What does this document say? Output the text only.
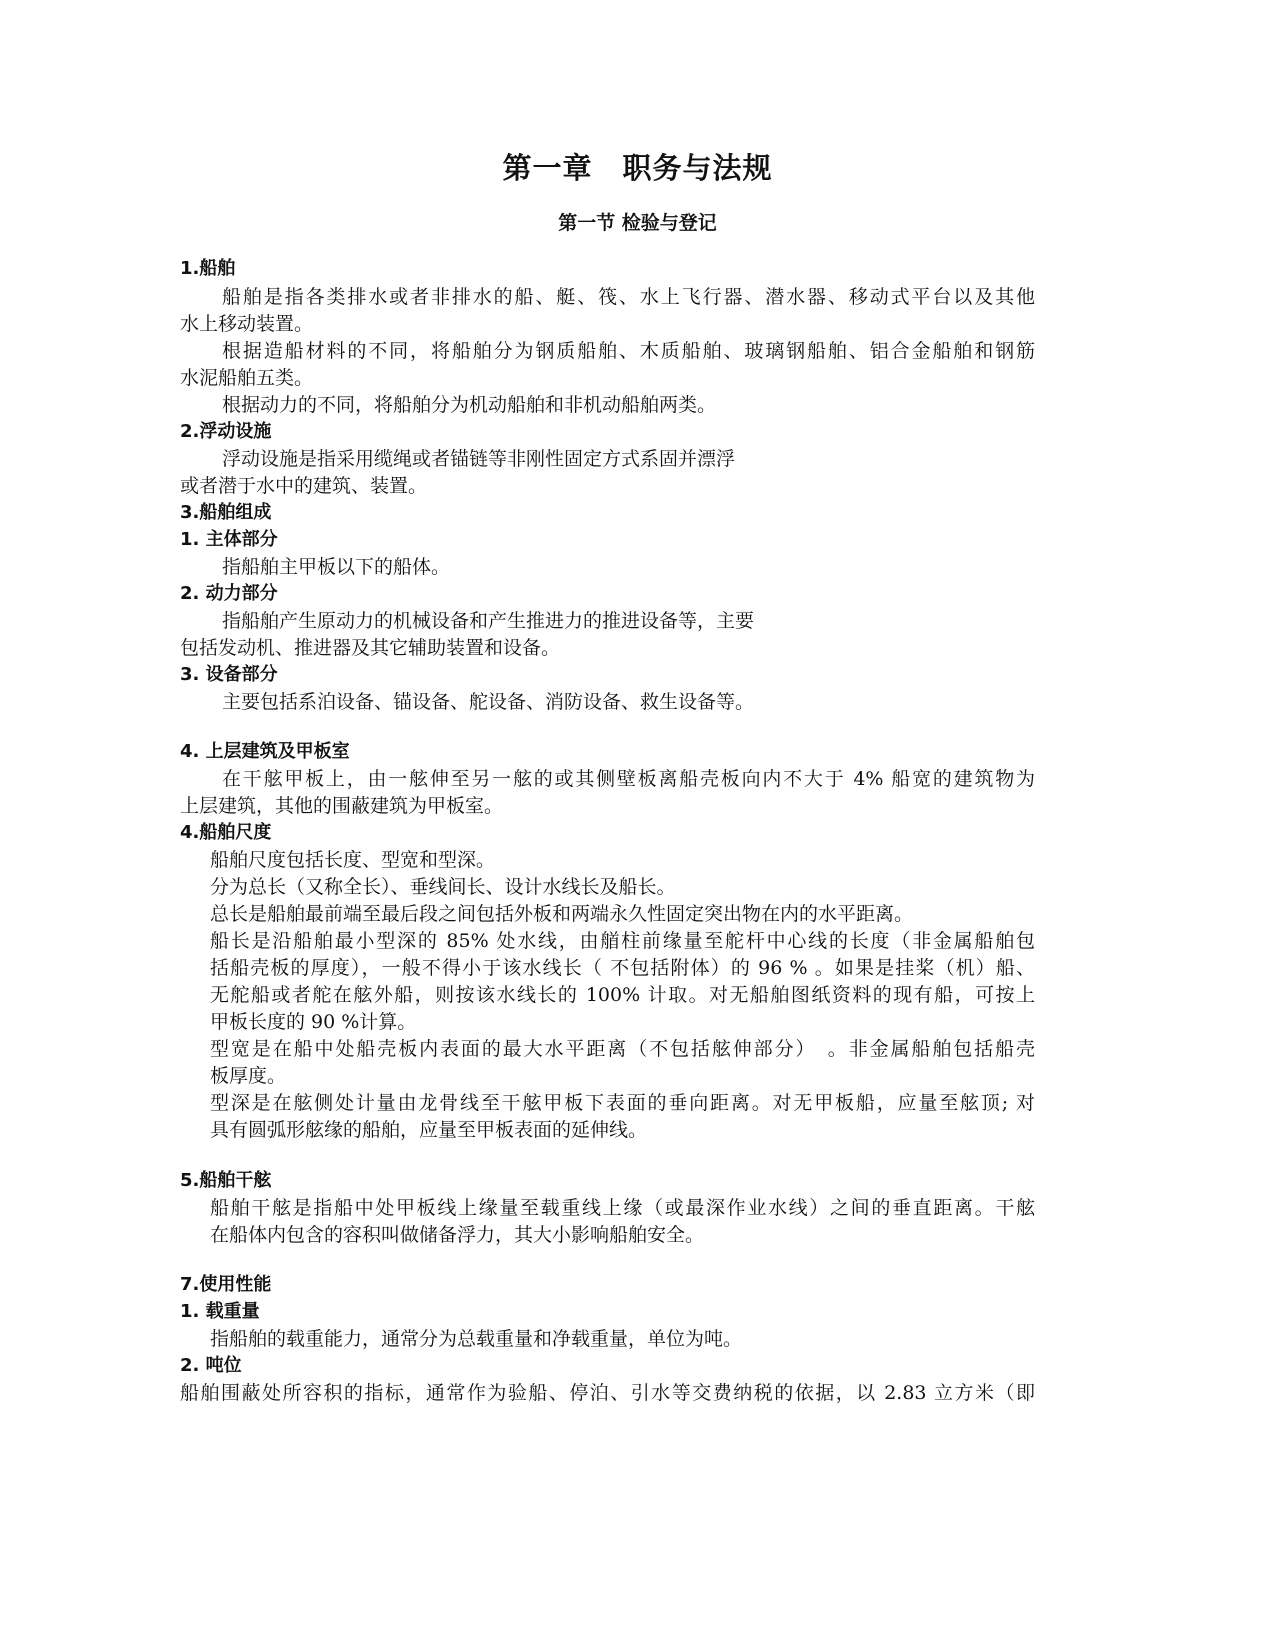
第一章　职务与法规
第一节 检验与登记
1.船舶
船舶是指各类排水或者非排水的船、艇、筏、水上飞行器、潜水器、移动式平台以及其他
水上移动装置。
根据造船材料的不同，将船舶分为钢质船舶、木质船舶、玻璃钢船舶、铝合金船舶和钢筋
水泥船舶五类。
根据动力的不同，将船舶分为机动船舶和非机动船舶两类。
2.浮动设施
浮动设施是指采用缆绳或者锚链等非刚性固定方式系固并漂浮
或者潜于水中的建筑、装置。
3.船舶组成
1. 主体部分
指船舶主甲板以下的船体。
2. 动力部分
指船舶产生原动力的机械设备和产生推进力的推进设备等，主要
包括发动机、推进器及其它辅助装置和设备。
3. 设备部分
主要包括系泊设备、锚设备、舵设备、消防设备、救生设备等。
4. 上层建筑及甲板室
在干舷甲板上，由一舷伸至另一舷的或其侧壁板离船壳板向内不大于 4% 船宽的建筑物为
上层建筑，其他的围蔽建筑为甲板室。
4.船舶尺度
船舶尺度包括长度、型宽和型深。
分为总长（又称全长）、垂线间长、设计水线长及船长。
总长是船舶最前端至最后段之间包括外板和两端永久性固定突出物在内的水平距离。
船长是沿船舶最小型深的 85% 处水线，由艏柱前缘量至舵杆中心线的长度（非金属船舶包
括船壳板的厚度），一般不得小于该水线长（ 不包括附体）的 96 % 。如果是挂桨（机）船、
无舵船或者舵在舷外船，则按该水线长的 100% 计取。对无船舶图纸资料的现有船，可按上
甲板长度的 90 %计算。
型宽是在船中处船壳板内表面的最大水平距离（不包括舷伸部分）　。非金属船舶包括船壳
板厚度。
型深是在舷侧处计量由龙骨线至干舷甲板下表面的垂向距离。对无甲板船，应量至舷顶; 对
具有圆弧形舷缘的船舶，应量至甲板表面的延伸线。
5.船舶干舷
船舶干舷是指船中处甲板线上缘量至载重线上缘（或最深作业水线）之间的垂直距离。干舷
在船体内包含的容积叫做储备浮力，其大小影响船舶安全。
7.使用性能
1. 载重量
指船舶的载重能力，通常分为总载重量和净载重量，单位为吨。
2. 吨位
船舶围蔽处所容积的指标，通常作为验船、停泊、引水等交费纳税的依据，以 2.83 立方米（即
